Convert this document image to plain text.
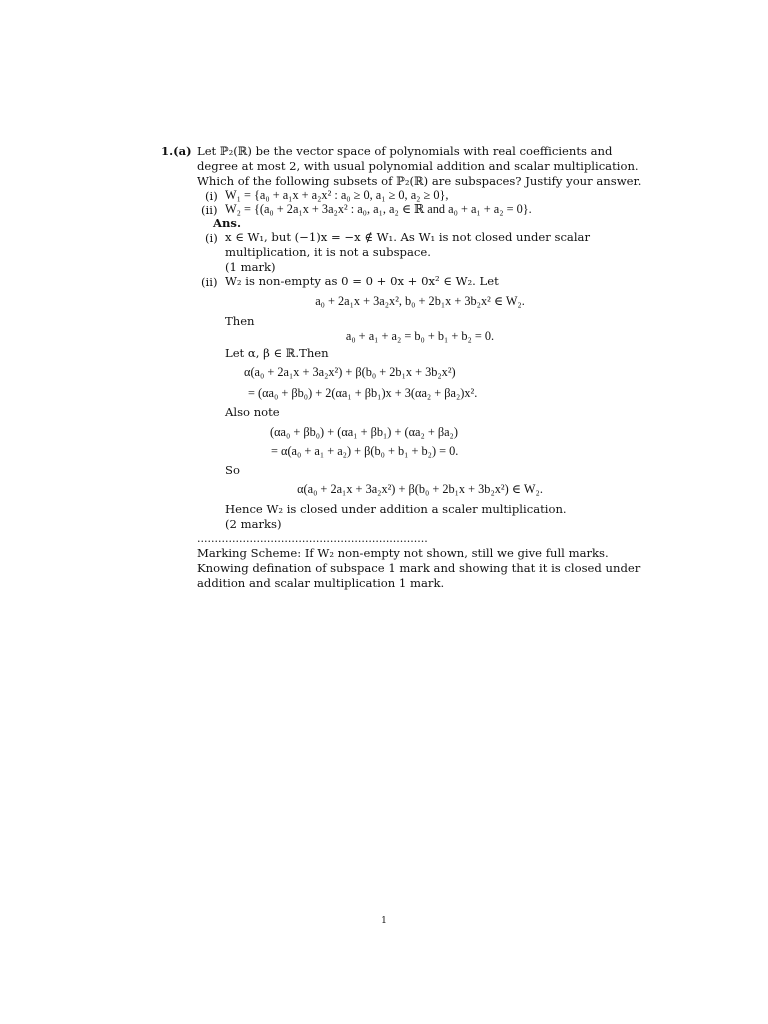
1.(a) Let ℙ₂(ℝ) be the vector space of polynomials with real coefficients and
degree at most 2, with usual polynomial addition and scalar multiplication.
Which of the following subsets of ℙ₂(ℝ) are subspaces? Justify your answer.
(i) W₁ = {a₀ + a₁x + a₂x² : a₀ ≥ 0, a₁ ≥ 0, a₂ ≥ 0},
(ii) W₂ = {(a₀ + 2a₁x + 3a₂x² : a₀, a₁, a₂ ∈ ℝ and a₀ + a₁ + a₂ = 0}.
Ans.
(i) x ∈ W₁, but (−1)x = −x ∉ W₁. As W₁ is not closed under scalar
multiplication, it is not a subspace.
(1 mark)
(ii) W₂ is non-empty as 0 = 0 + 0x + 0x² ∈ W₂. Let
a₀ + 2a₁x + 3a₂x², b₀ + 2b₁x + 3b₂x² ∈ W₂.
Then
a₀ + a₁ + a₂ = b₀ + b₁ + b₂ = 0.
Let α, β ∈ ℝ.Then
α(a₀ + 2a₁x + 3a₂x²) + β(b₀ + 2b₁x + 3b₂x²)
= (αa₀ + βb₀) + 2(αa₁ + βb₁)x + 3(αa₂ + βa₂)x².
Also note
(αa₀ + βb₀) + (αa₁ + βb₁) + (αa₂ + βa₂)
= α(a₀ + a₁ + a₂) + β(b₀ + b₁ + b₂) = 0.
So
α(a₀ + 2a₁x + 3a₂x²) + β(b₀ + 2b₁x + 3b₂x²) ∈ W₂.
Hence W₂ is closed under addition a scaler multiplication.
(2 marks)
..................................................................
Marking Scheme: If W₂ non-empty not shown, still we give full marks.
Knowing defination of subspace 1 mark and showing that it is closed under
addition and scalar multiplication 1 mark.
1
